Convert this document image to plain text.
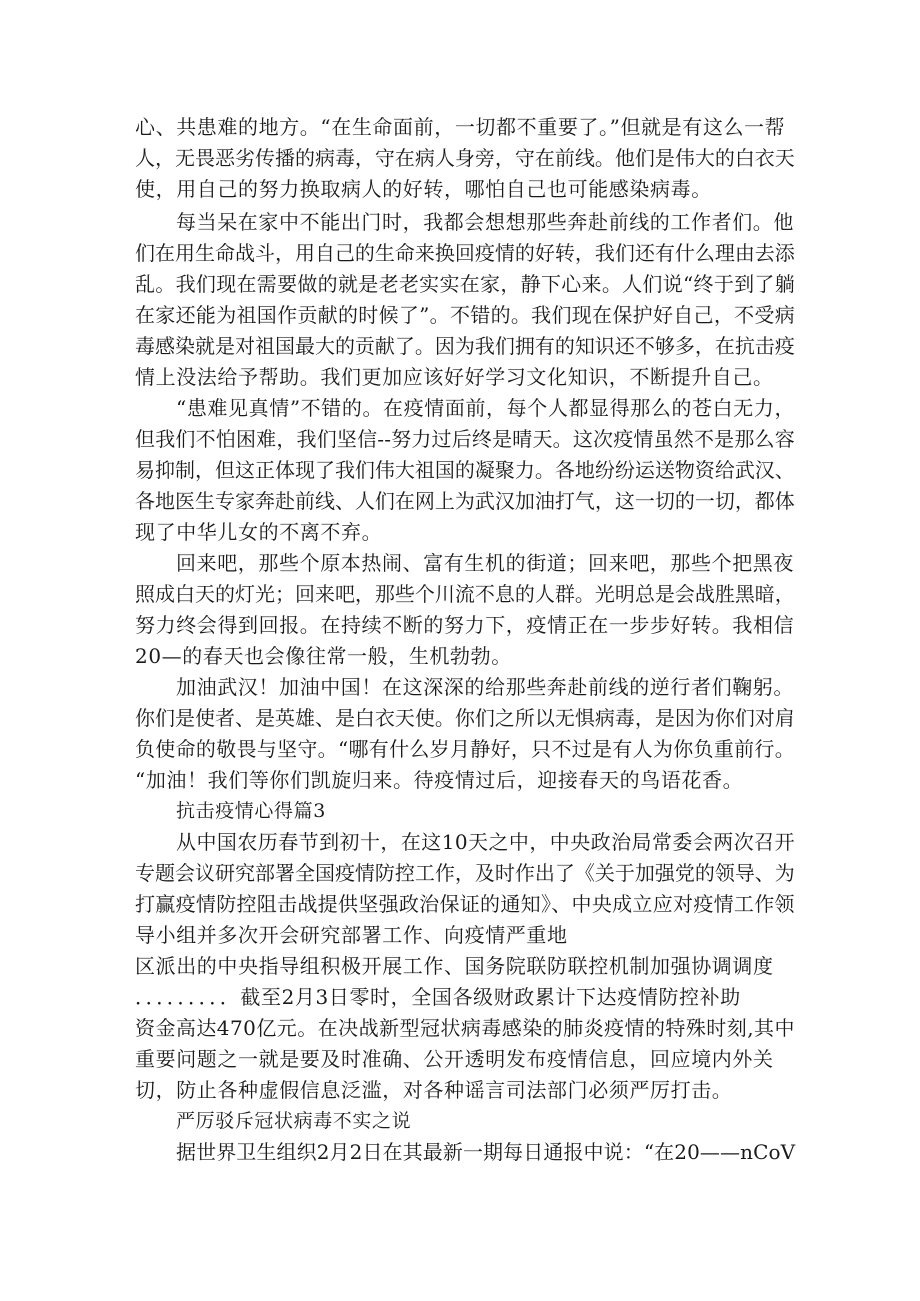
心、共患难的地方。“在生命面前，一切都不重要了。”但就是有这么一帮
人，无畏恶劣传播的病毒，守在病人身旁，守在前线。他们是伟大的白衣天
使，用自己的努力换取病人的好转，哪怕自己也可能感染病毒。
每当呆在家中不能出门时，我都会想想那些奔赴前线的工作者们。他
们在用生命战斗，用自己的生命来换回疫情的好转，我们还有什么理由去添
乱。我们现在需要做的就是老老实实在家，静下心来。人们说“终于到了躺
在家还能为祖国作贡献的时候了”。不错的。我们现在保护好自己，不受病
毒感染就是对祖国最大的贡献了。因为我们拥有的知识还不够多，在抗击疫
情上没法给予帮助。我们更加应该好好学习文化知识，不断提升自己。
“患难见真情”不错的。在疫情面前，每个人都显得那么的苍白无力，
但我们不怕困难，我们坚信--努力过后终是晴天。这次疫情虽然不是那么容
易抑制，但这正体现了我们伟大祖国的凝聚力。各地纷纷运送物资给武汉、
各地医生专家奔赴前线、人们在网上为武汉加油打气，这一切的一切，都体
现了中华儿女的不离不弃。
回来吧，那些个原本热闹、富有生机的街道；回来吧，那些个把黑夜
照成白天的灯光；回来吧，那些个川流不息的人群。光明总是会战胜黑暗，
努力终会得到回报。在持续不断的努力下，疫情正在一步步好转。我相信
20—的春天也会像往常一般，生机勃勃。
加油武汉！加油中国！在这深深的给那些奔赴前线的逆行者们鞠躬。
你们是使者、是英雄、是白衣天使。你们之所以无惧病毒，是因为你们对肩
负使命的敬畏与坚守。“哪有什么岁月静好，只不过是有人为你负重前行。
“加油！我们等你们凯旋归来。待疫情过后，迎接春天的鸟语花香。
抗击疫情心得篇3
从中国农历春节到初十，在这10天之中，中央政治局常委会两次召开
专题会议研究部署全国疫情防控工作，及时作出了《关于加强党的领导、为
打赢疫情防控阻击战提供坚强政治保证的通知》、中央成立应对疫情工作领
导小组并多次开会研究部署工作、向疫情严重地
区派出的中央指导组积极开展工作、国务院联防联控机制加强协调调度
．．．．．．．．．截至2月3日零时，全国各级财政累计下达疫情防控补助
资金高达470亿元。在决战新型冠状病毒感染的肺炎疫情的特殊时刻,其中
重要问题之一就是要及时准确、公开透明发布疫情信息，回应境内外关
切，防止各种虚假信息泛滥，对各种谣言司法部门必须严厉打击。
严厉驳斥冠状病毒不实之说
据世界卫生组织2月2日在其最新一期每日通报中说：“在20——nCoV
